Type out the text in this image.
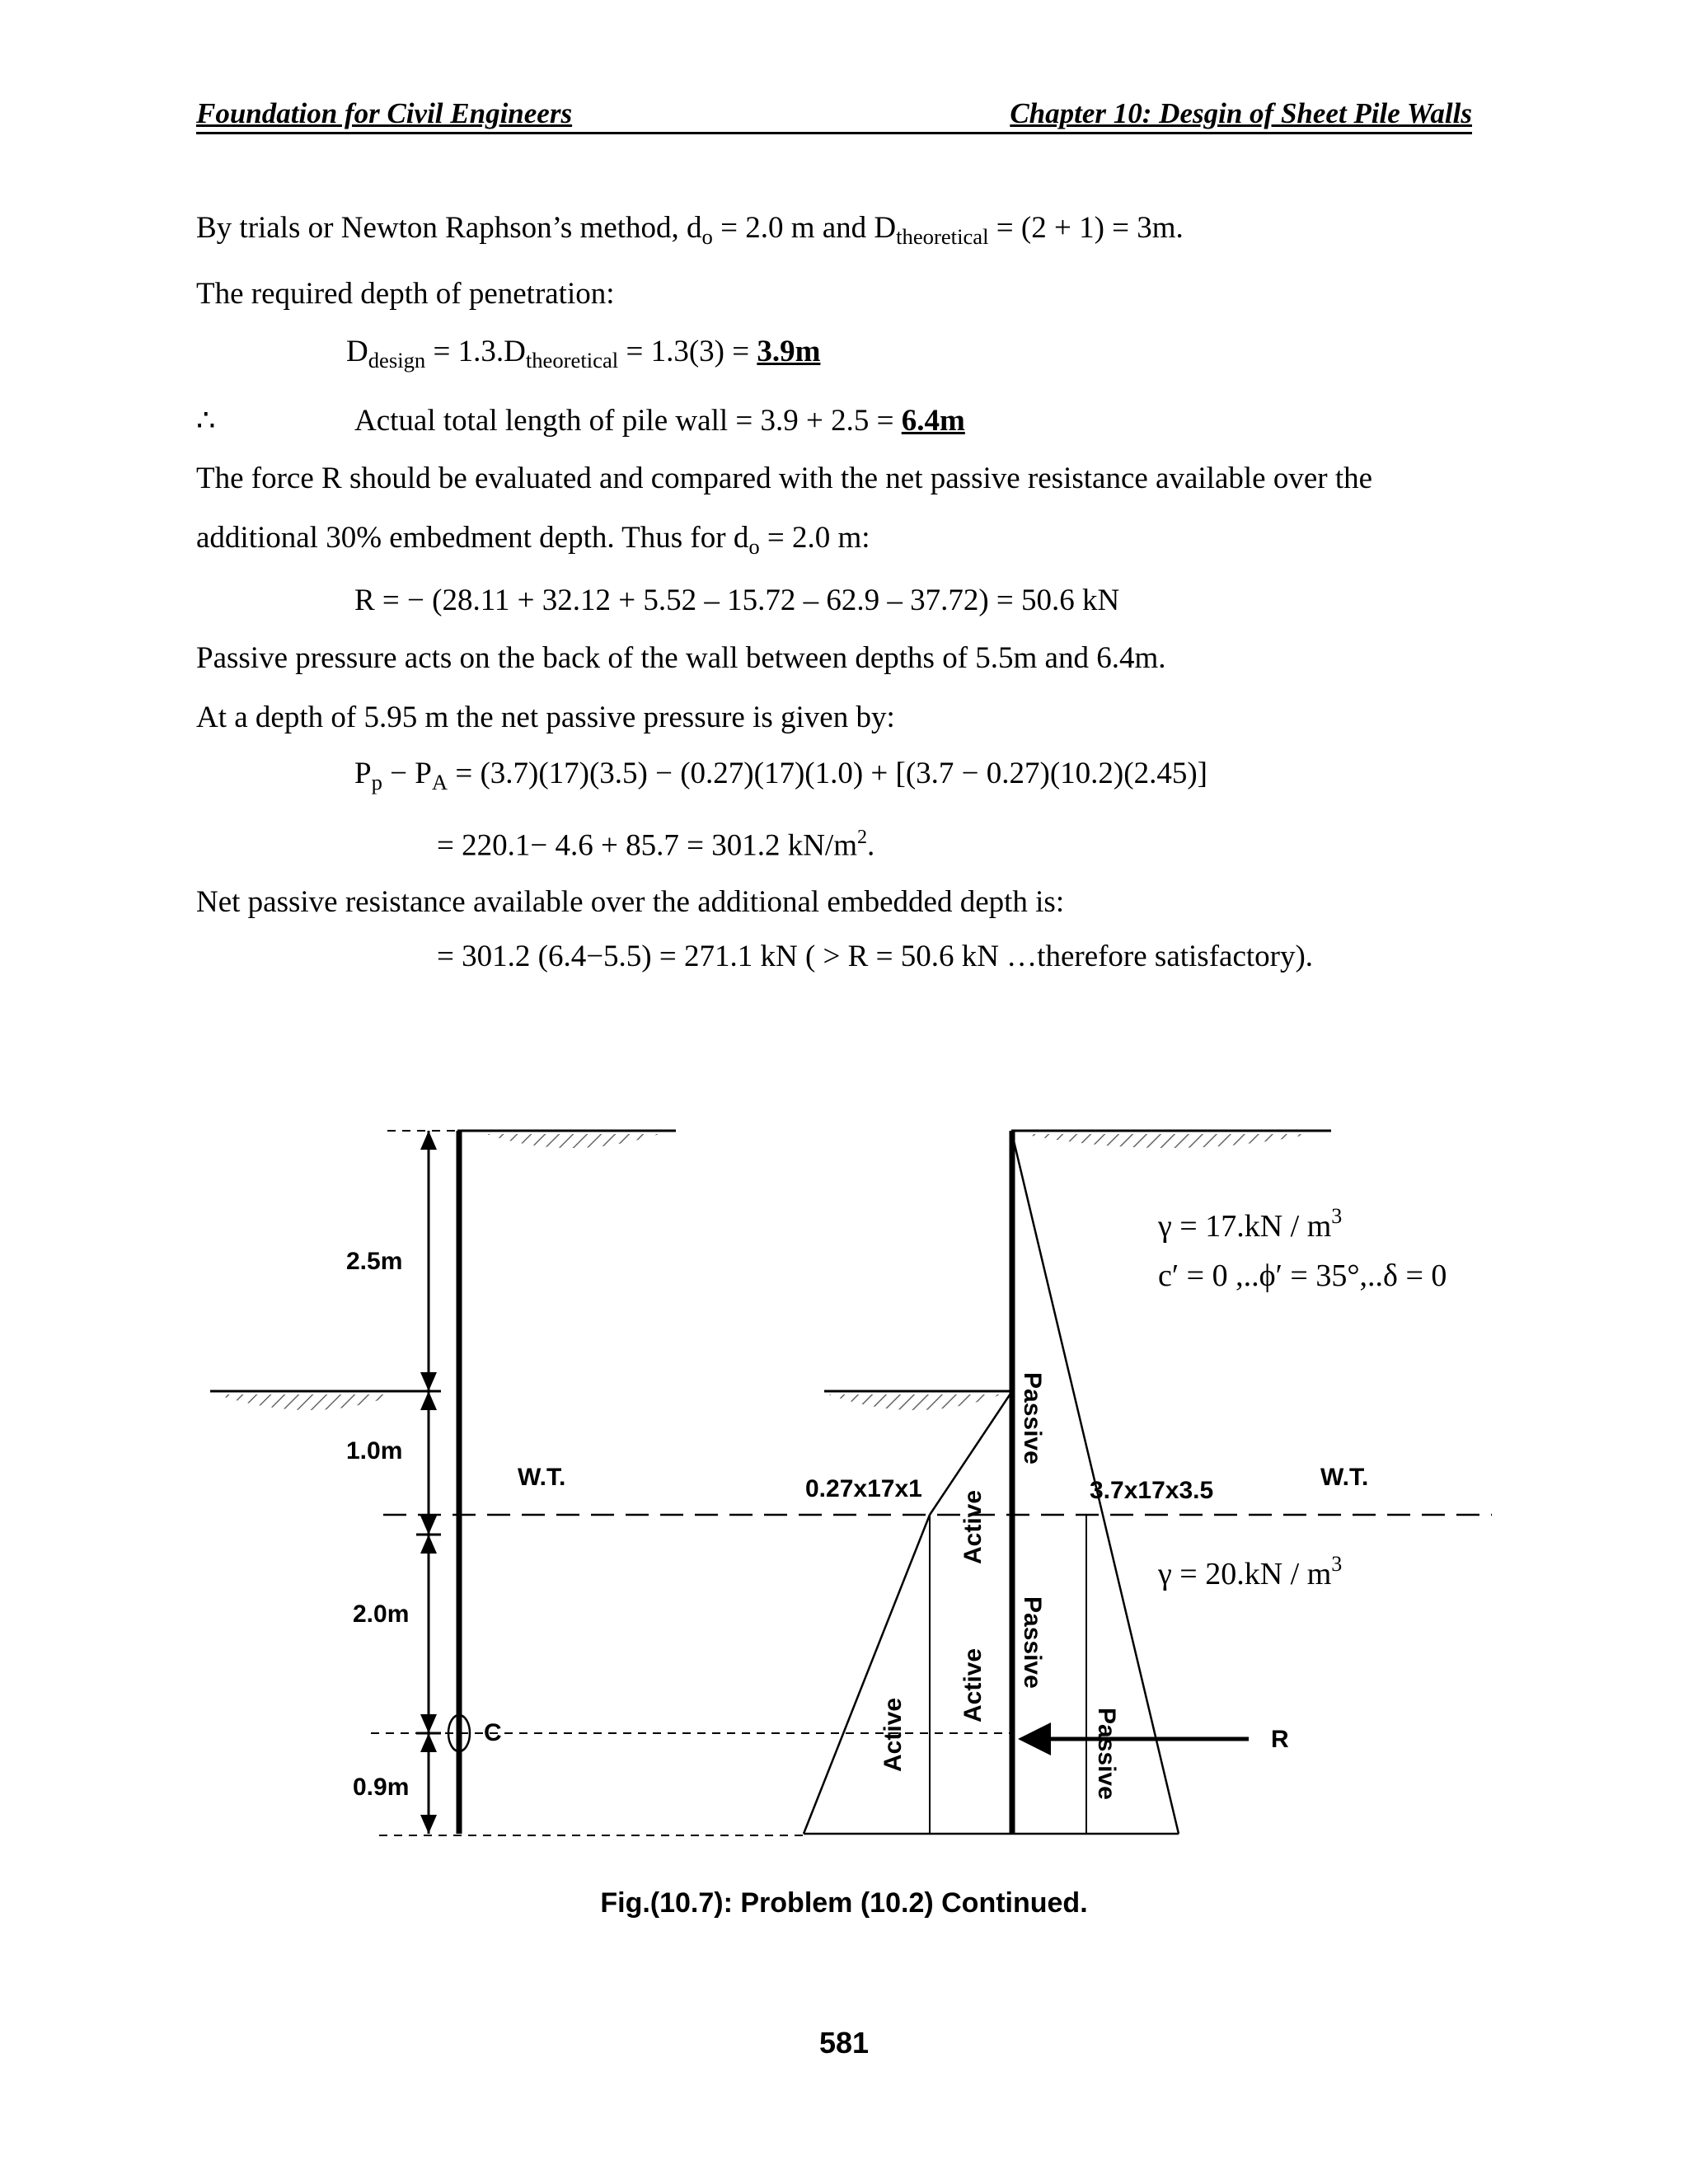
Foundation for Civil Engineers	Chapter 10: Desgin of Sheet Pile Walls
By trials or Newton Raphson’s method, $d_o = 2.0$ m and $D_{theoretical} = (2 + 1) = 3m$.
The required depth of penetration:
$D_{design} = 1.3.D_{theoretical} = 1.3(3) = 3.9m$
∴	Actual total length of pile wall = 3.9 + 2.5 = 6.4m
The force R should be evaluated and compared with the net passive resistance available over the
additional 30% embedment depth. Thus for $d_o = 2.0$ m:
R = − (28.11 + 32.12 + 5.52 – 15.72 – 62.9 – 37.72) = 50.6 kN
Passive pressure acts on the back of the wall between depths of 5.5m and 6.4m.
At a depth of 5.95 m the net passive pressure is given by:
$P_p - P_A = (3.7)(17)(3.5) - (0.27)(17)(1.0) + [(3.7 - 0.27)(10.2)(2.45)]$
= 220.1− 4.6 + 85.7 = 301.2 $kN/m^2$.
Net passive resistance available over the additional embedded depth is:
= 301.2 (6.4−5.5) = 271.1 kN ( > R = 50.6 kN …therefore satisfactory).
2.5m
1.0m
2.0m
0.9m
W.T.
C	R
0.27x17x1	3.7x17x3.5	W.T.
Passive
Passive
Passive
Active
Active
Active
$\gamma = 17.kN / m^3$
c′ = 0 ,..ϕ′ = 35°,..δ = 0
$\gamma = 20.kN / m^3$
Fig.(10.7): Problem (10.2) Continued.
581
